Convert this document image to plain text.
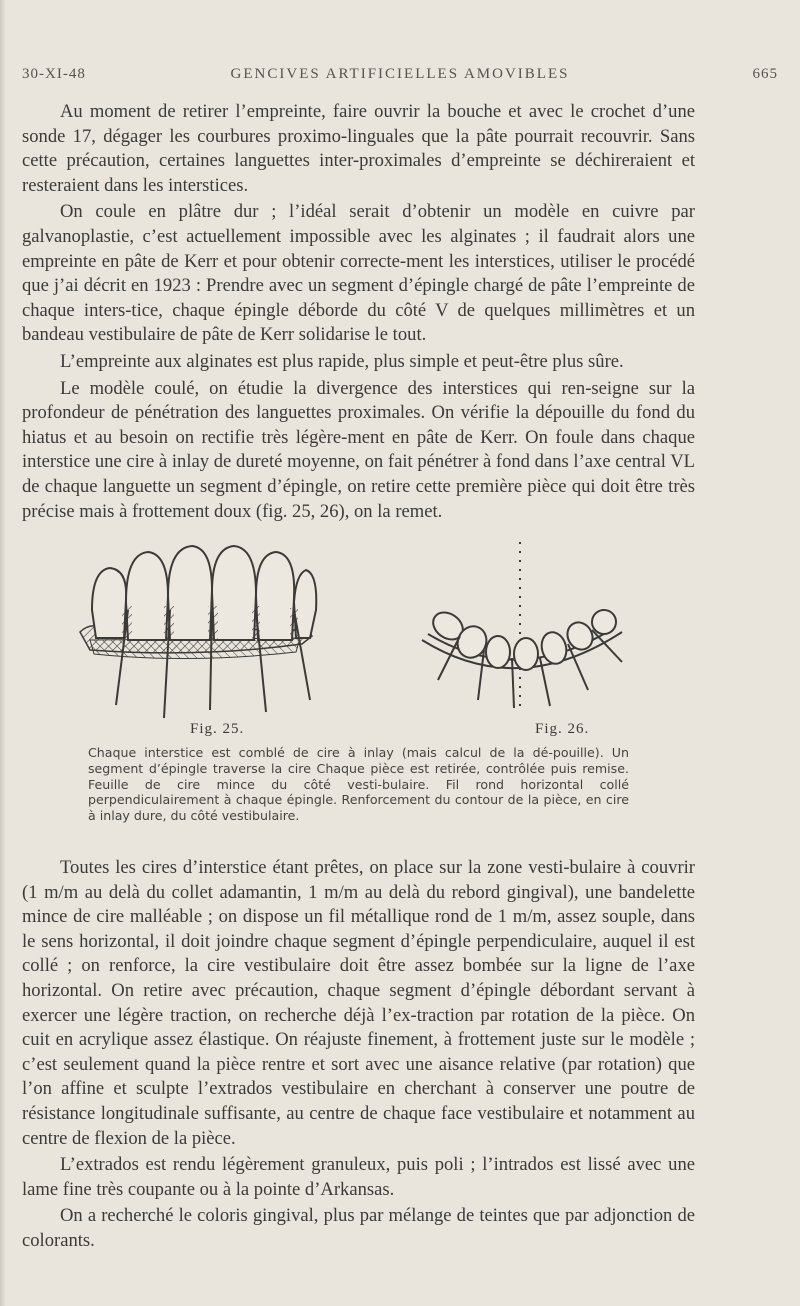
30-XI-48	GENCIVES ARTIFICIELLES AMOVIBLES	665

Au moment de retirer l’empreinte, faire ouvrir la bouche et avec le crochet d’une sonde 17, dégager les courbures proximo-linguales que la pâte pourrait recouvrir. Sans cette précaution, certaines languettes inter-proximales d’empreinte se déchireraient et resteraient dans les interstices.

On coule en plâtre dur ; l’idéal serait d’obtenir un modèle en cuivre par galvanoplastie, c’est actuellement impossible avec les alginates ; il faudrait alors une empreinte en pâte de Kerr et pour obtenir correcte-ment les interstices, utiliser le procédé que j’ai décrit en 1923 : Prendre avec un segment d’épingle chargé de pâte l’empreinte de chaque inters-tice, chaque épingle déborde du côté V de quelques millimètres et un bandeau vestibulaire de pâte de Kerr solidarise le tout.

L’empreinte aux alginates est plus rapide, plus simple et peut-être plus sûre.

Le modèle coulé, on étudie la divergence des interstices qui ren-seigne sur la profondeur de pénétration des languettes proximales. On vérifie la dépouille du fond du hiatus et au besoin on rectifie très légère-ment en pâte de Kerr. On foule dans chaque interstice une cire à inlay de dureté moyenne, on fait pénétrer à fond dans l’axe central VL de chaque languette un segment d’épingle, on retire cette première pièce qui doit être très précise mais à frottement doux (fig. 25, 26), on la remet.

Fig. 25.	Fig. 26.
Chaque interstice est comblé de cire à inlay (mais calcul de la dé-pouille). Un segment d’épingle traverse la cire Chaque pièce est retirée, contrôlée puis remise. Feuille de cire mince du côté vesti-bulaire. Fil rond horizontal collé perpendiculairement à chaque épingle. Renforcement du contour de la pièce, en cire à inlay dure, du côté vestibulaire.

Toutes les cires d’interstice étant prêtes, on place sur la zone vesti-bulaire à couvrir (1 m/m au delà du collet adamantin, 1 m/m au delà du rebord gingival), une bandelette mince de cire malléable ; on dispose un fil métallique rond de 1 m/m, assez souple, dans le sens horizontal, il doit joindre chaque segment d’épingle perpendiculaire, auquel il est collé ; on renforce, la cire vestibulaire doit être assez bombée sur la ligne de l’axe horizontal. On retire avec précaution, chaque segment d’épingle débordant servant à exercer une légère traction, on recherche déjà l’ex-traction par rotation de la pièce. On cuit en acrylique assez élastique. On réajuste finement, à frottement juste sur le modèle ; c’est seulement quand la pièce rentre et sort avec une aisance relative (par rotation) que l’on affine et sculpte l’extrados vestibulaire en cherchant à conserver une poutre de résistance longitudinale suffisante, au centre de chaque face vestibulaire et notamment au centre de flexion de la pièce.

L’extrados est rendu légèrement granuleux, puis poli ; l’intrados est lissé avec une lame fine très coupante ou à la pointe d’Arkansas.

On a recherché le coloris gingival, plus par mélange de teintes que par adjonction de colorants.
